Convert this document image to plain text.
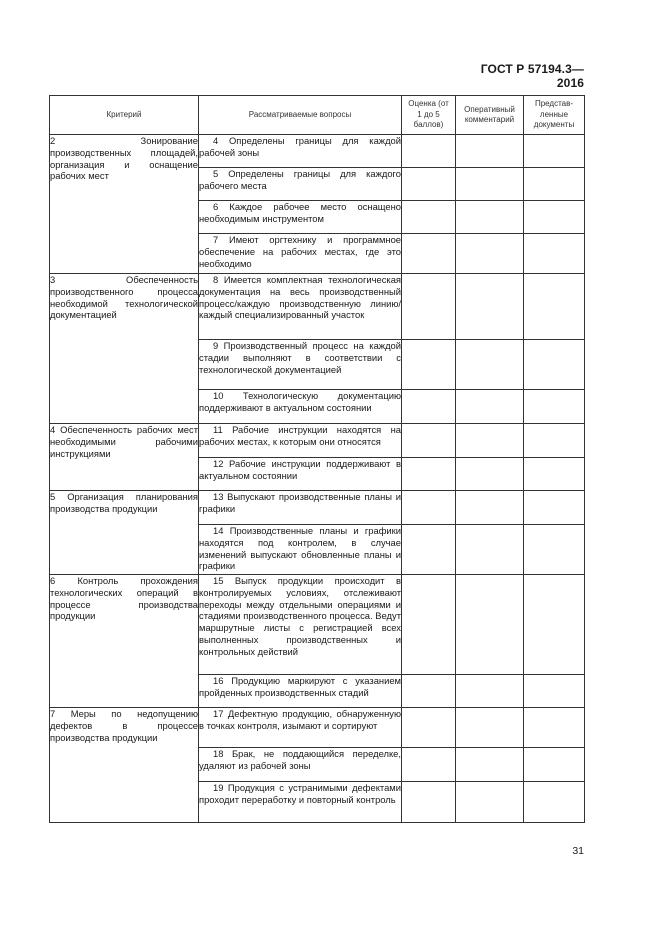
ГОСТ Р 57194.3—2016
Критерий	Рассматриваемые вопросы	Оценка (от 1 до 5 баллов)	Оперативный комментарий	Представ-ленные документы

2 Зонирование производственных площадей, организация и оснащение рабочих мест	4 Определены границы для каждой рабочей зоны			

	5 Определены границы для каждого рабочего места			

	6 Каждое рабочее место оснащено необходимым инструментом			

	7 Имеют оргтехнику и программное обеспечение на рабочих местах, где это необходимо			

3 Обеспеченность производственного процесса необходимой технологической документацией	8 Имеется комплектная технологическая документация на весь производственный процесс/каждую производственную линию/каждый специализированный участок			

	9 Производственный процесс на каждой стадии выполняют в соответствии с технологической документацией			

	10 Технологическую документацию поддерживают в актуальном состоянии			

4 Обеспеченность рабочих мест необходимыми рабочими инструкциями	11 Рабочие инструкции находятся на рабочих местах, к которым они относятся			

	12 Рабочие инструкции поддерживают в актуальном состоянии			

5 Организация планирования производства продукции	13 Выпускают производственные планы и графики			

	14 Производственные планы и графики находятся под контролем, в случае изменений выпускают обновленные планы и графики			

6 Контроль прохождения технологических операций в процессе производства продукции	15 Выпуск продукции происходит в контролируемых условиях, отслеживают переходы между отдельными операциями и стадиями производственного процесса. Ведут маршрутные листы с регистрацией всех выполненных производственных и контрольных действий			

	16 Продукцию маркируют с указанием пройденных производственных стадий			

7 Меры по недопущению дефектов в процессе производства продукции	17 Дефектную продукцию, обнаруженную в точках контроля, изымают и сортируют			

	18 Брак, не поддающийся переделке, удаляют из рабочей зоны			

	19 Продукция с устранимыми дефектами проходит переработку и повторный контроль			

31
